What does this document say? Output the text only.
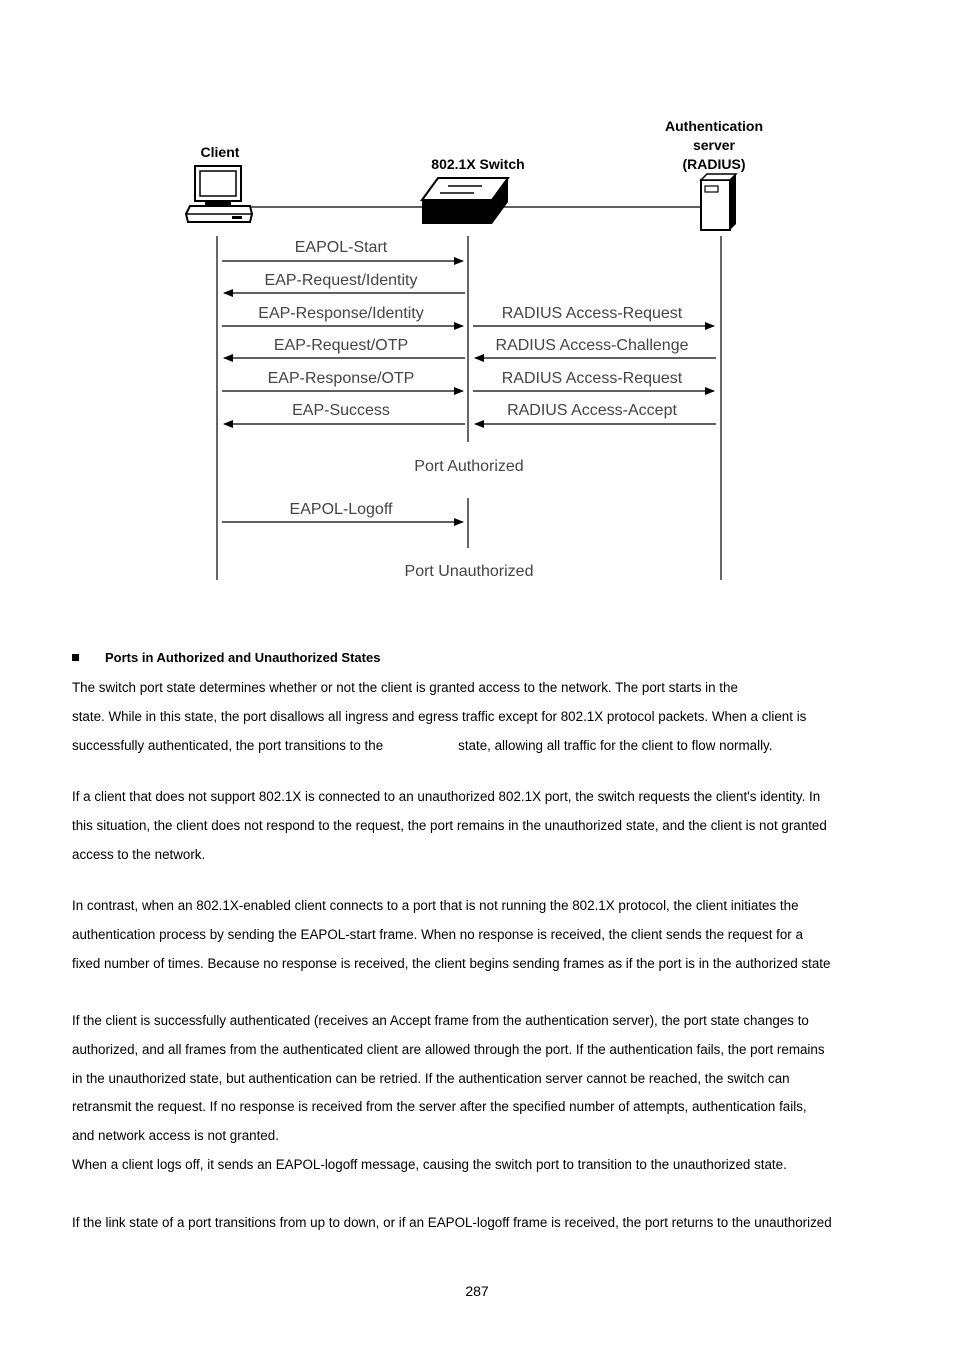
Client
802.1X Switch
Authentication
server
(RADIUS)
EAPOL-Start
EAP-Request/Identity
EAP-Response/Identity
EAP-Request/OTP
EAP-Response/OTP
EAP-Success
RADIUS Access-Request
RADIUS Access-Challenge
RADIUS Access-Request
RADIUS Access-Accept
Port Authorized
EAPOL-Logoff
Port Unauthorized
Ports in Authorized and Unauthorized States
The switch port state determines whether or not the client is granted access to the network. The port starts in the
state. While in this state, the port disallows all ingress and egress traffic except for 802.1X protocol packets. When a client is
successfully authenticated, the port transitions to the	state, allowing all traffic for the client to flow normally.
If a client that does not support 802.1X is connected to an unauthorized 802.1X port, the switch requests the client's identity. In
this situation, the client does not respond to the request, the port remains in the unauthorized state, and the client is not granted
access to the network.
In contrast, when an 802.1X-enabled client connects to a port that is not running the 802.1X protocol, the client initiates the
authentication process by sending the EAPOL-start frame. When no response is received, the client sends the request for a
fixed number of times. Because no response is received, the client begins sending frames as if the port is in the authorized state
If the client is successfully authenticated (receives an Accept frame from the authentication server), the port state changes to
authorized, and all frames from the authenticated client are allowed through the port. If the authentication fails, the port remains
in the unauthorized state, but authentication can be retried. If the authentication server cannot be reached, the switch can
retransmit the request. If no response is received from the server after the specified number of attempts, authentication fails,
and network access is not granted.
When a client logs off, it sends an EAPOL-logoff message, causing the switch port to transition to the unauthorized state.
If the link state of a port transitions from up to down, or if an EAPOL-logoff frame is received, the port returns to the unauthorized
287
